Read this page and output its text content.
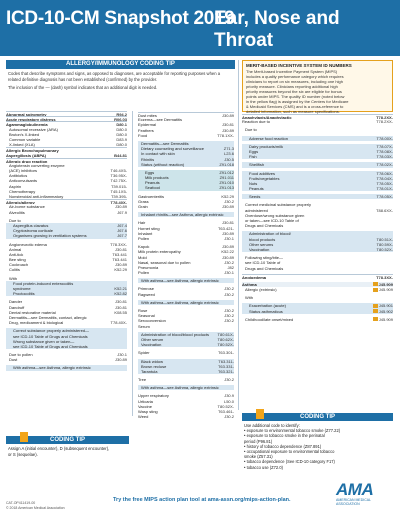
ICD-10-CM Snapshot 2019
Ear, Nose and Throat
ALLERGY/IMMUNOLOGY CODING TIP
Codes that describe symptoms and signs, as opposed to diagnoses, are acceptable for reporting purposes when a
related definitive diagnosis has not been established (confirmed) by the provider.
The inclusion of the — (dash) symbol indicates that an additional digit is needed.
Abnormal spirometry	R94.2
Acute respiratory distress	R06.03
Agammaglobulinemia	D80.1
Autosomal recessive (ARA)	D80.0
Bruton's X-linked	D80.0
Common variable	D83.9
X-linked (XLA)	D80.0
Allergic Bronchopulmonary
Aspergillosis (ABPA)	B44.81
Allergic drug reaction
Angiotensin converting enzyme
(ACE) inhibitors	T46.4X5-
Antibiotics	T36.95X-
Anticonvulsants	T42.75X-
Aspirin	T39.015-
Chemotherapy	T45.1X5-
Nonsteroidal anti-inflammatory	T39.395-
Allergic/allergy	T78.40X-
Air-borne substance	J30.89
Alveolitis	J67.9
Due to
Aspergillus clavatus	J67.4
Cryptostroma corticale	J67.6
Organisms growing in ventilation systems	J67.7
Angioneurotic edema	T78.3XX-
Animal	J30.81
Anti-tick	T63.441
Bee sting	T63.441
Cockroach	J30.89
Colitis	K52.29
With
Food protein-induced enterocolitis
syndrome	K52.21
Proctocolitis	K52.82
Dander	J30.81
Dandruff	J30.81
Dental restorative material	K08.55
Dermatitis—see Dermatitis, contact, allergic
Drug, medicament & biological	T78.40X-
Correct substance properly administered—
see ICD-10 Table of Drugs and Chemicals
Wrong substance given or taken—
see ICD-10 Table of Drugs and Chemicals
Due to pollen	J30.1
Dust	J30.89
With asthma—see Asthma, allergic extrinsic
Dust mites	J30.89
Eczema—see Dermatitis
Epidermal	J30.81
Feathers	J30.89
Food	T78.1XX-
Dermatitis—see Dermatitis
Dietary counseling and surveillance	Z71.3
In contact with skin	L23.6
Rhinitis	J30.5
Status (without reaction)	Z91.018
Eggs	Z91.012
Milk products	Z91.011
Peanuts	Z91.010
Seafood	Z91.013
Gastroenteritis	K52.29
Grass	J30.2
Grain	J30.89
Inhalant rhinitis—see Asthma, allergic extrinsic
Hair	J30.81
Hornet sting	T63.421-
Inhalant	J30.89
Pollen	J30.1
Kapok	J30.89
Milk protein enteropathy	K52.22
Mold	J30.89
Nasal, seasonal due to pollen	J30.2
Pneumonia	J82
Pollen	J30.1
With asthma—see Asthma, allergic extrinsic
Primrose	J30.2
Ragweed	J30.2
With asthma—see Asthma, allergic extrinsic
Rose	J30.2
Seasonal	J30.2
Seroconversion	J30.2
Serum
Administration of blood/blood products	T80.61X-
Other serum	T80.62X-
Vaccination	T80.52X-
Spider	T63.301-
Black widow	T63.311-
Brown recluse	T63.331-
Tarantula	T63.321-
Tree	J30.2
With asthma—see Asthma, allergic extrinsic
Upper respiratory	J30.9
Urticaria	L50.0
Vaccine	T80.52X-
Wasp sting	T63.461-
Weed	J30.2
MERIT-BASED INCENTIVE SYSTEM ID NUMBERS
The Merit-based Incentive Payment System (MIPS)
includes a quality performance category which requires
clinicians to report on six measures, including one high
priority measure. Clinicians reporting additional high
priority measures beyond the six are eligible for bonus
points under MIPS. The quality ID number (noted below
in the yellow flag) is assigned by the Centers for Medicare
& Medicaid Services (CMS) and is a cross-reference to
detailed information, such as measure specifications.
Anaphylaxis/Anaphylactic	T78.2XX-
Reaction due to	T78.2XX-
Due to
Adverse food reaction	T78.00X-
Dairy products/milk	T78.07X-
Eggs	T78.08X-
Fish	T78.03X-
Shellfish	T78.02X-
Food additives	T78.06X-
Fruits/vegetables	T78.04X-
Nuts	T78.05X-
Peanuts	T78.01X-
Seeds	T78.05X-
Correct medicinal substance properly
administered	T88.6XX-
Overdose/wrong substance given
or taken—see ICD-10 Table of
Drugs and Chemicals
Administration of blood/
blood products	T80.51X-
Other serums	T80.59X-
Vaccination	T80.52X-
Following sting/bite—
see ICD-10 Table of
Drugs and Chemicals
Angioedema	T78.3XX-
Asthma	J45.909
Allergic (extrinsic)	J45.909
With
Exacerbation (acute)	J45.901
Status asthmaticus	J45.902
Childhood/late onset/mixed	J45.909
CODING TIP
Assign A (initial encounter), D (subsequent encounter),
or S (sequelae).
CODING TIP
Use additional code to identify:
• exposure to environmental tobacco smoke (Z77.22)
• exposure to tobacco smoke in the perinatal
period (P96.81)
• history of tobacco dependence (Z87.891)
• occupational exposure to environmental tobacco
smoke (Z57.31)
• tobacco dependence (See ICD-10 category F17)
• tobacco use (Z72.0)
CAT-OP411419-00
© 2018 American Medical Association
Try the free MIPS action plan tool at ama-assn.org/mips-action-plan.
AMA
AMERICAN MEDICAL
ASSOCIATION
